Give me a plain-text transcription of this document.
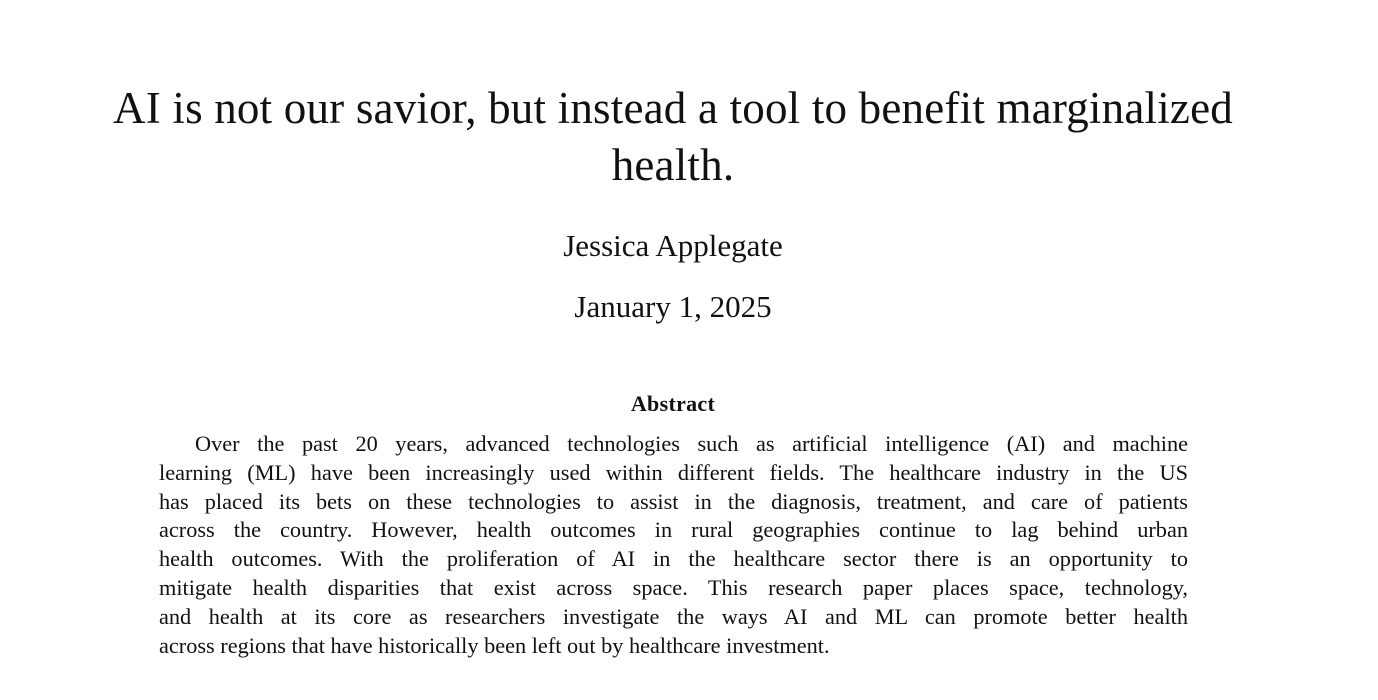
AI is not our savior, but instead a tool to benefit marginalized
health.
Jessica Applegate
January 1, 2025
Abstract
Over the past 20 years, advanced technologies such as artificial intelligence (AI) and machine
learning (ML) have been increasingly used within different fields. The healthcare industry in the US
has placed its bets on these technologies to assist in the diagnosis, treatment, and care of patients
across the country. However, health outcomes in rural geographies continue to lag behind urban
health outcomes. With the proliferation of AI in the healthcare sector there is an opportunity to
mitigate health disparities that exist across space. This research paper places space, technology,
and health at its core as researchers investigate the ways AI and ML can promote better health
across regions that have historically been left out by healthcare investment.
